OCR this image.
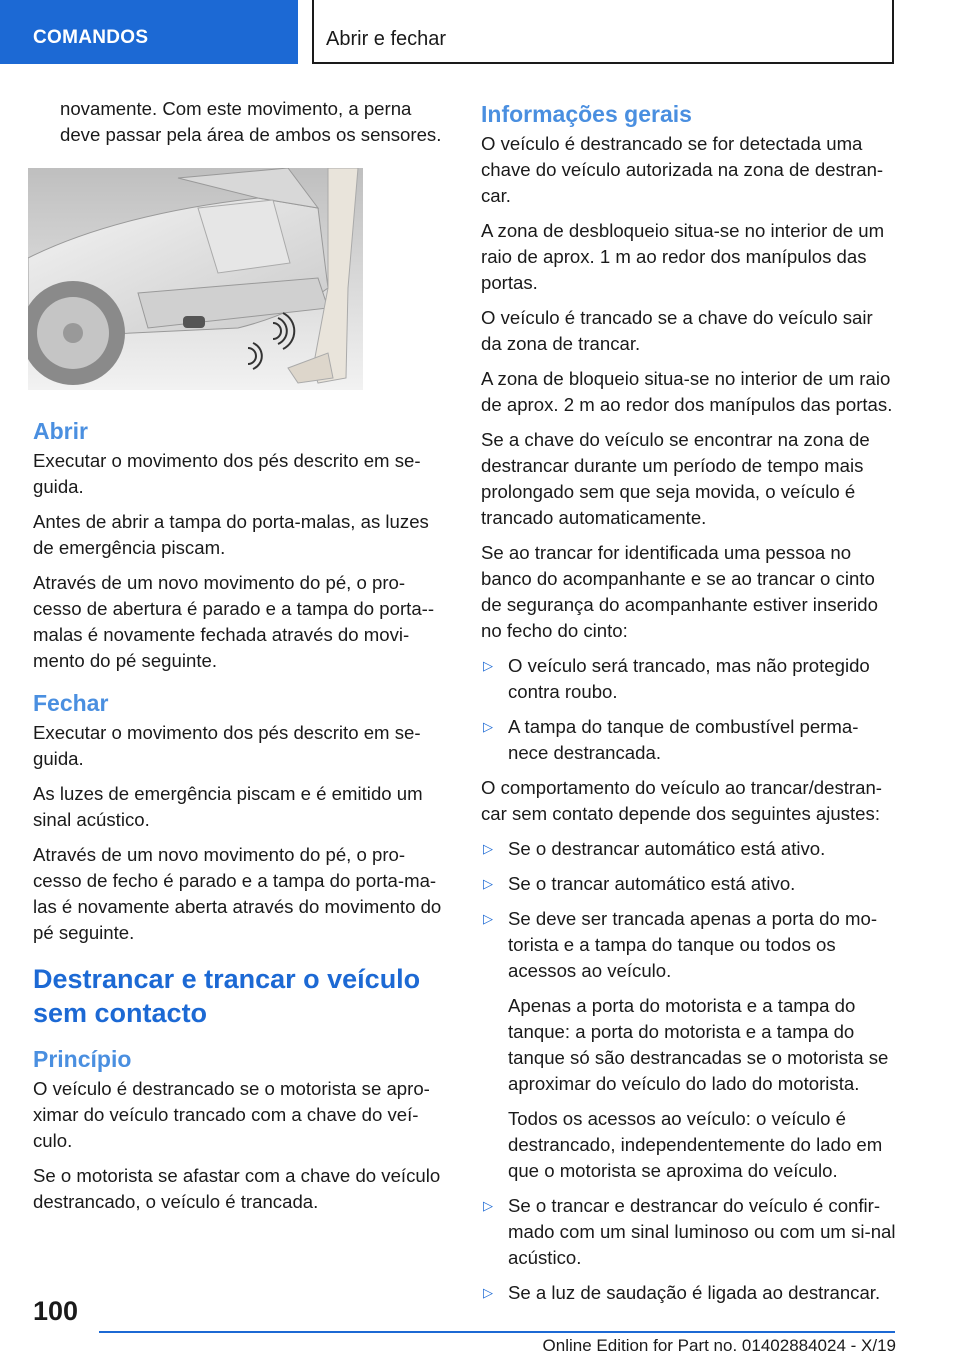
COMANDOS	Abrir e fechar

novamente. Com este movimento, a perna deve passar pela área de ambos os sensores.

Abrir

Executar o movimento dos pés descrito em se‐guida.

Antes de abrir a tampa do porta-malas, as luzes de emergência piscam.

Através de um novo movimento do pé, o pro‐cesso de abertura é parado e a tampa do porta--malas é novamente fechada através do movi‐mento do pé seguinte.

Fechar

Executar o movimento dos pés descrito em se‐guida.

As luzes de emergência piscam e é emitido um sinal acústico.

Através de um novo movimento do pé, o pro‐cesso de fecho é parado e a tampa do porta-ma‐las é novamente aberta através do movimento do pé seguinte.

Destrancar e trancar o veículo sem contacto
Princípio

O veículo é destrancado se o motorista se apro‐ximar do veículo trancado com a chave do veí‐culo.

Se o motorista se afastar com a chave do veículo destrancado, o veículo é trancada.

Informações gerais

O veículo é destrancado se for detectada uma chave do veículo autorizada na zona de destran‐car.

A zona de desbloqueio situa-se no interior de um raio de aprox. 1 m ao redor dos manípulos das portas.

O veículo é trancado se a chave do veículo sair da zona de trancar.

A zona de bloqueio situa-se no interior de um raio de aprox. 2 m ao redor dos manípulos das portas.

Se a chave do veículo se encontrar na zona de destrancar durante um período de tempo mais prolongado sem que seja movida, o veículo é trancado automaticamente.

Se ao trancar for identificada uma pessoa no banco do acompanhante e se ao trancar o cinto de segurança do acompanhante estiver inserido no fecho do cinto:

▷ O veículo será trancado, mas não protegido contra roubo.
▷ A tampa do tanque de combustível perma‐nece destrancada.

O comportamento do veículo ao trancar/destran‐car sem contato depende dos seguintes ajustes:

▷ Se o destrancar automático está ativo.
▷ Se o trancar automático está ativo.
▷ Se deve ser trancada apenas a porta do mo‐torista e a tampa do tanque ou todos os acessos ao veículo.

Apenas a porta do motorista e a tampa do tanque: a porta do motorista e a tampa do tanque só são destrancadas se o motorista se aproximar do veículo do lado do motorista.

Todos os acessos ao veículo: o veículo é destrancado, independentemente do lado em que o motorista se aproxima do veículo.

▷ Se o trancar e destrancar do veículo é confir‐mado com um sinal luminoso ou com um si‐nal acústico.
▷ Se a luz de saudação é ligada ao destrancar.
100
Online Edition for Part no. 01402884024 - X/19
